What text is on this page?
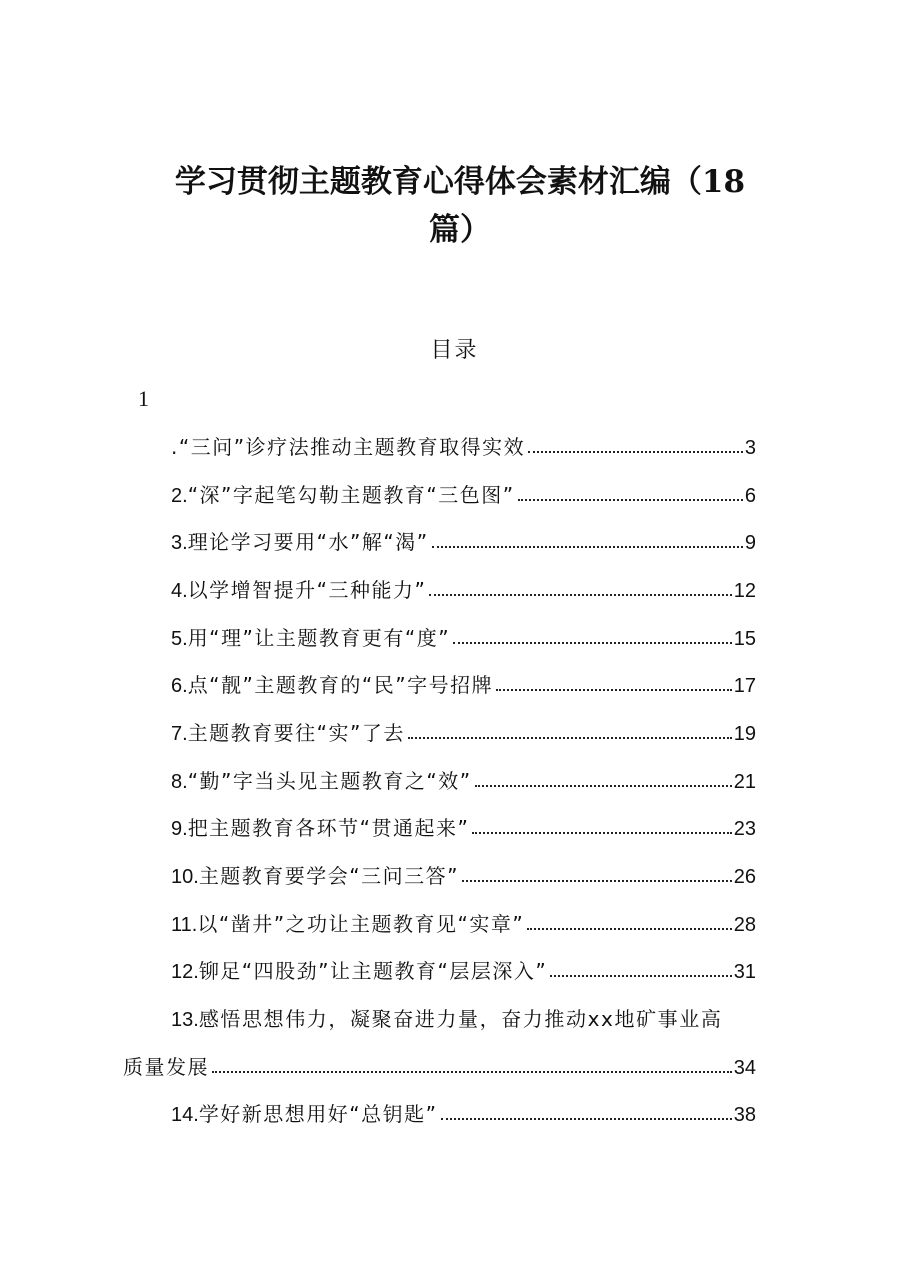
学习贯彻主题教育心得体会素材汇编（18
篇）
目录
1
.“三问”诊疗法推动主题教育取得实效	3
2. “深”字起笔勾勒主题教育“三色图”	6
3. 理论学习要用“水”解“渴”	9
4. 以学增智提升“三种能力”	12
5. 用“理”让主题教育更有“度”	15
6. 点“靓”主题教育的“民”字号招牌	17
7. 主题教育要往“实”了去	19
8. “勤”字当头见主题教育之“效”	21
9. 把主题教育各环节“贯通起来”	23
10. 主题教育要学会“三问三答”	26
11. 以“凿井”之功让主题教育见“实章”	28
12. 铆足“四股劲”让主题教育“层层深入”	31
13.感悟思想伟力，凝聚奋进力量，奋力推动xx地矿事业高
质量发展	34
14. 学好新思想用好“总钥匙”	38
